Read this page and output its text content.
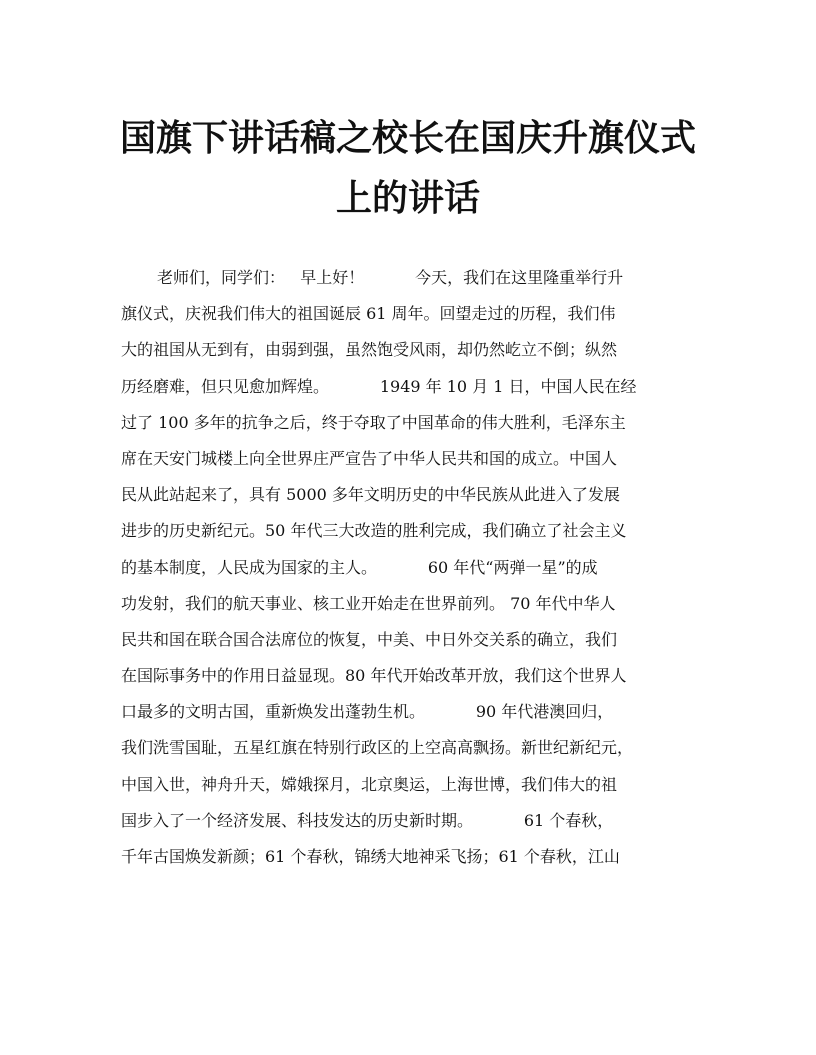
国旗下讲话稿之校长在国庆升旗仪式
上的讲话
老师们，同学们：   早上好！          今天，我们在这里隆重举行升
旗仪式，庆祝我们伟大的祖国诞辰 61 周年。回望走过的历程，我们伟
大的祖国从无到有，由弱到强，虽然饱受风雨，却仍然屹立不倒；纵然
历经磨难，但只见愈加辉煌。          1949 年 10 月 1 日，中国人民在经
过了 100 多年的抗争之后，终于夺取了中国革命的伟大胜利，毛泽东主
席在天安门城楼上向全世界庄严宣告了中华人民共和国的成立。中国人
民从此站起来了，具有 5000 多年文明历史的中华民族从此进入了发展
进步的历史新纪元。50 年代三大改造的胜利完成，我们确立了社会主义
的基本制度，人民成为国家的主人。          60 年代“两弹一星”的成
功发射，我们的航天事业、核工业开始走在世界前列。 70 年代中华人
民共和国在联合国合法席位的恢复，中美、中日外交关系的确立，我们
在国际事务中的作用日益显现。80 年代开始改革开放，我们这个世界人
口最多的文明古国，重新焕发出蓬勃生机。          90 年代港澳回归，
我们洗雪国耻，五星红旗在特别行政区的上空高高飘扬。新世纪新纪元，
中国入世，神舟升天，嫦娥探月，北京奥运，上海世博，我们伟大的祖
国步入了一个经济发展、科技发达的历史新时期。          61 个春秋，
千年古国焕发新颜；61 个春秋，锦绣大地神采飞扬；61 个春秋，江山
